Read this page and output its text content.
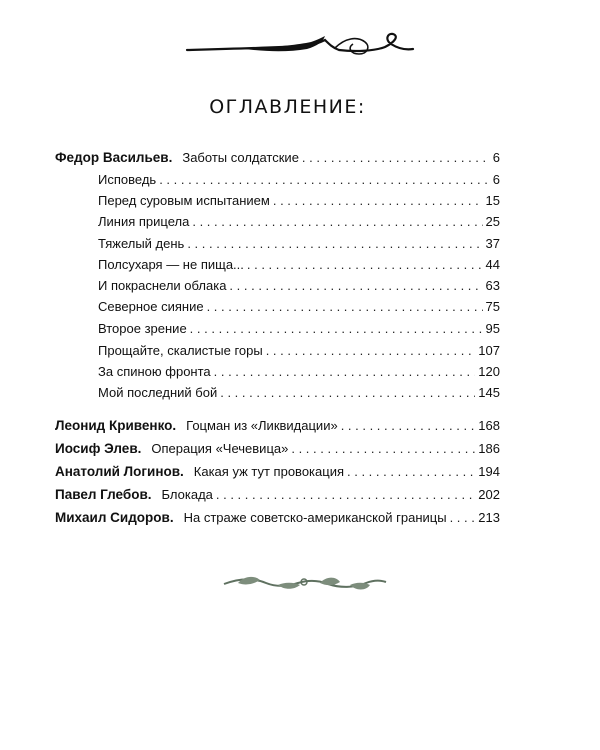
ОГЛАВЛЕНИЕ:
Федор Васильев. Заботы солдатские . . .	6
Исповедь . . .	6
Перед суровым испытанием . . .	15
Линия прицела . . .	25
Тяжелый день . . .	37
Полсухаря — не пища... . . .	44
И покраснели облака . . .	63
Северное сияние . . .	75
Второе зрение . . .	95
Прощайте, скалистые горы . . .	107
За спиною фронта . . .	120
Мой последний бой . . .	145
Леонид Кривенко. Гоцман из «Ликвидации» . . .	168
Иосиф Элев. Операция «Чечевица» . . .	186
Анатолий Логинов. Какая уж тут провокация . . .	194
Павел Глебов. Блокада . . .	202
Михаил Сидоров. На страже советско-американской границы . . . 213
